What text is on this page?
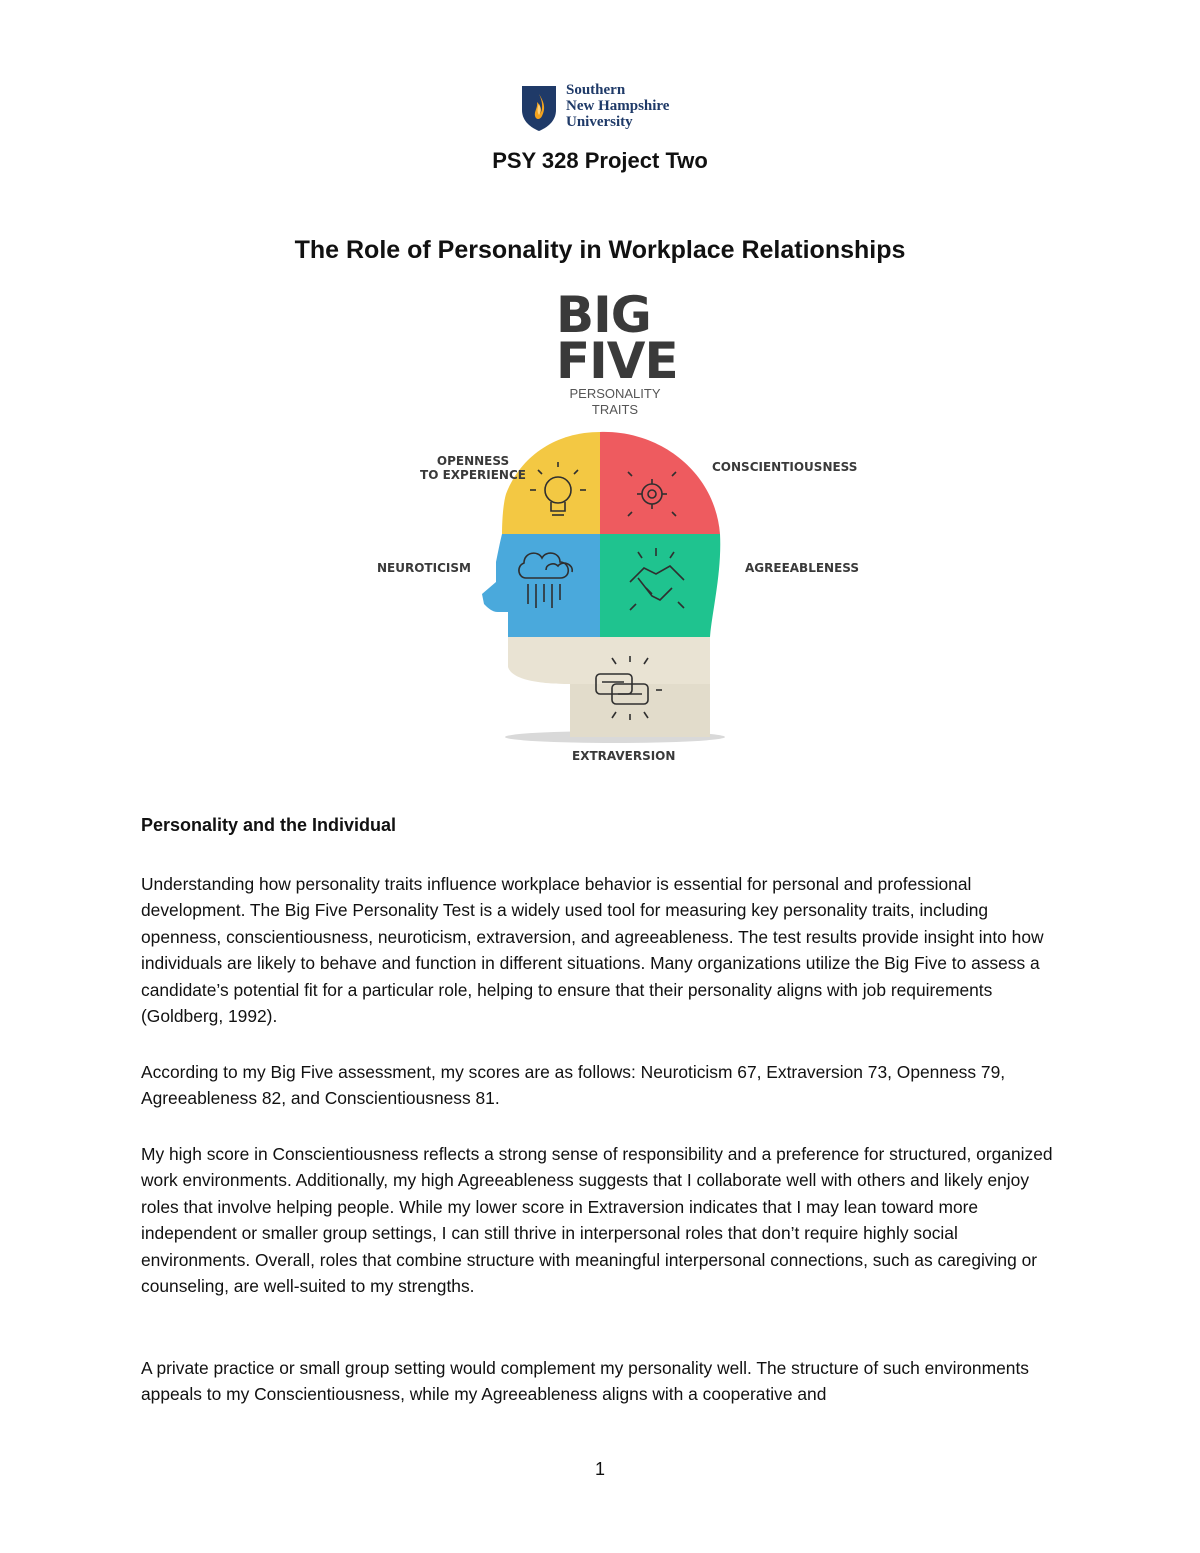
Southern
New Hampshire
University
PSY 328 Project Two
The Role of Personality in Workplace Relationships
BIG
FIVE
PERSONALITY
TRAITS
OPENNESS
TO EXPERIENCE
CONSCIENTIOUSNESS
NEUROTICISM	AGREEABLENESS
EXTRAVERSION
Personality and the Individual

Understanding how personality traits influence workplace behavior is essential for personal and professional development. The Big Five Personality Test is a widely used tool for measuring key personality traits, including openness, conscientiousness, neuroticism, extraversion, and agreeableness. The test results provide insight into how individuals are likely to behave and function in different situations. Many organizations utilize the Big Five to assess a candidate’s potential fit for a particular role, helping to ensure that their personality aligns with job requirements (Goldberg, 1992).

According to my Big Five assessment, my scores are as follows: Neuroticism 67, Extraversion 73, Openness 79, Agreeableness 82, and Conscientiousness 81.

My high score in Conscientiousness reflects a strong sense of responsibility and a preference for structured, organized work environments. Additionally, my high Agreeableness suggests that I collaborate well with others and likely enjoy roles that involve helping people. While my lower score in Extraversion indicates that I may lean toward more independent or smaller group settings, I can still thrive in interpersonal roles that don’t require highly social environments. Overall, roles that combine structure with meaningful interpersonal connections, such as caregiving or counseling, are well-suited to my strengths.

A private practice or small group setting would complement my personality well. The structure of such environments appeals to my Conscientiousness, while my Agreeableness aligns with a cooperative and

1
